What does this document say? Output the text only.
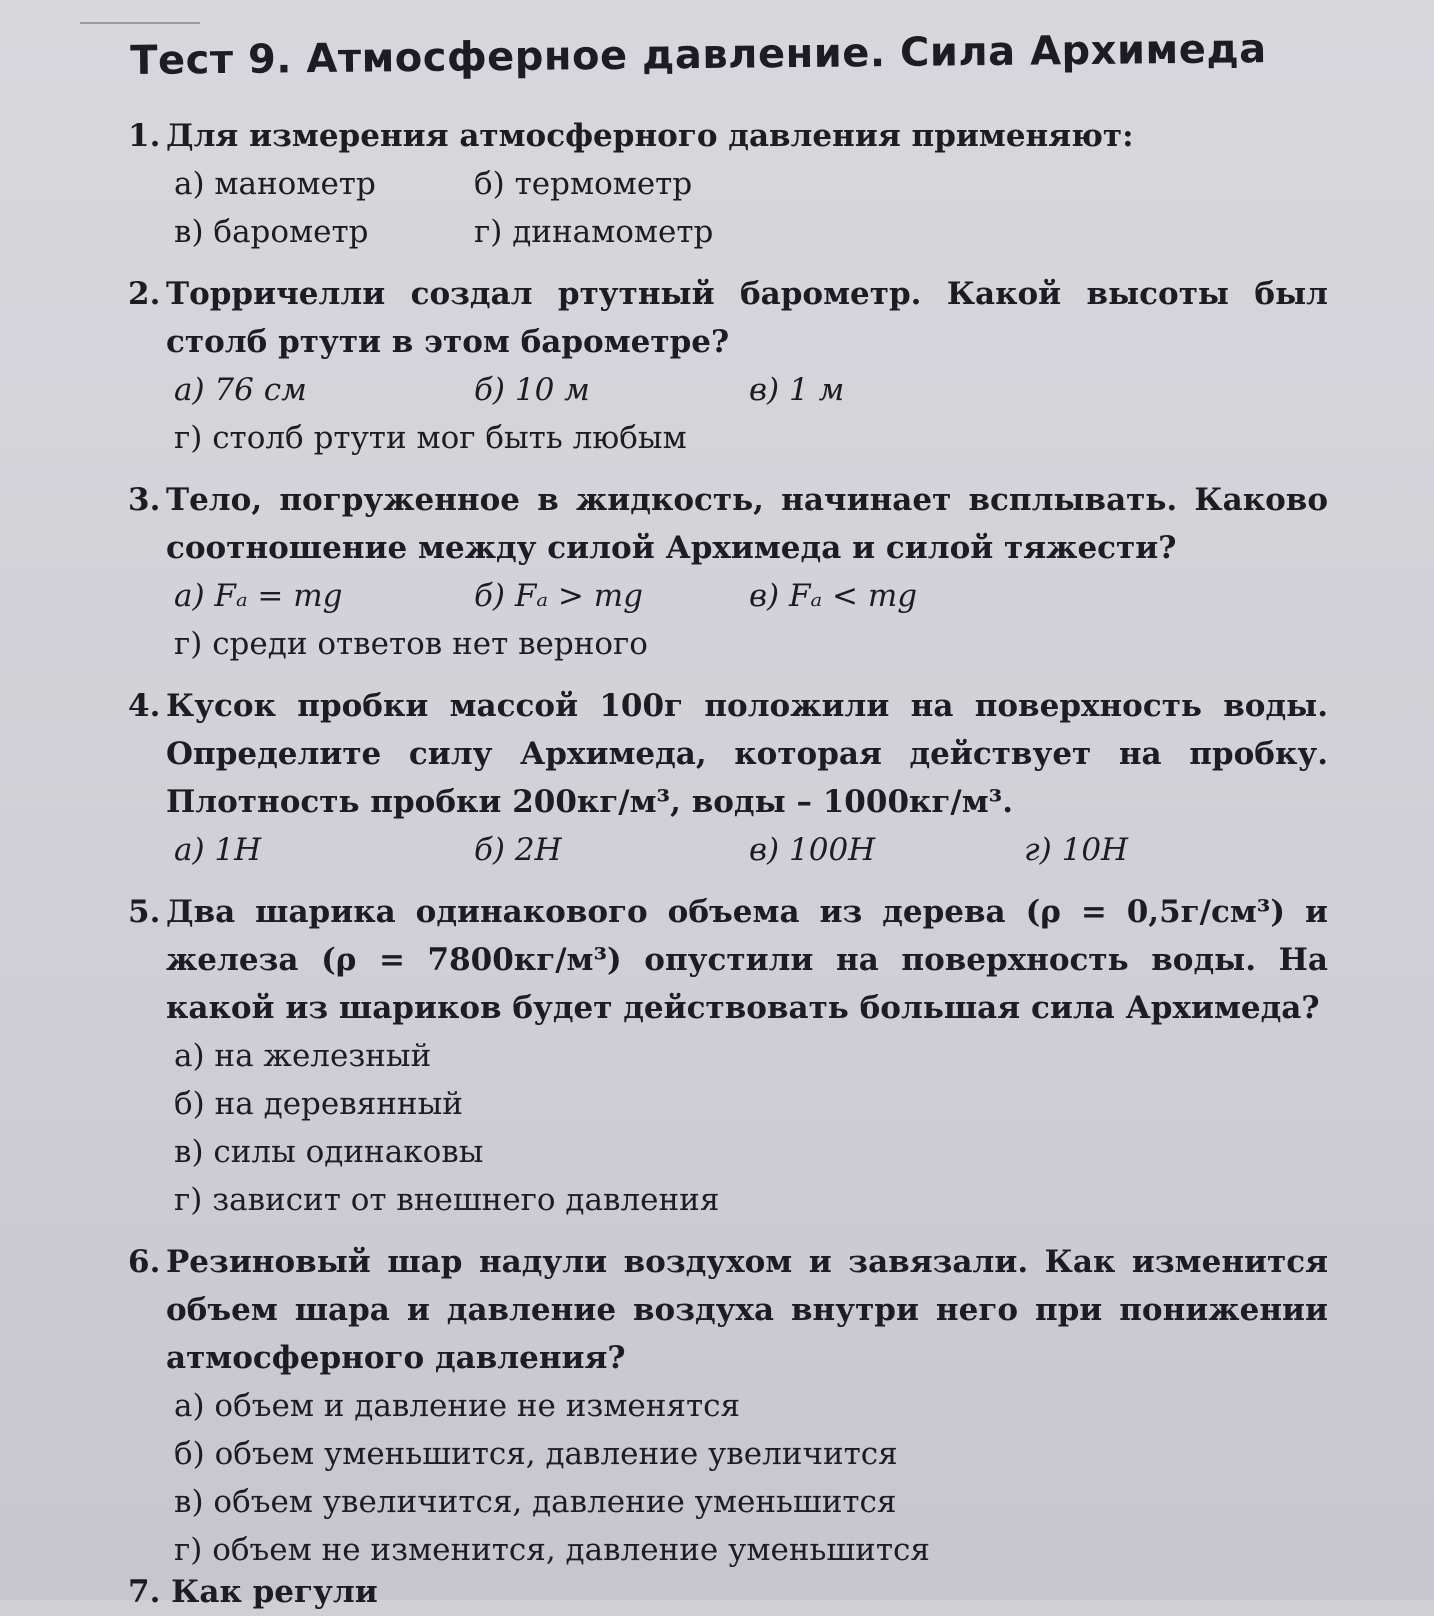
Тест 9. Атмосферное давление. Сила Архимеда
1. Для измерения атмосферного давления применяют:
а) манометр	б) термометр
в) барометр	г) динамометр
2. Торричелли создал ртутный барометр. Какой высоты был столб ртути в этом барометре?
а) 76 см	б) 10 м	в) 1 м
г) столб ртути мог быть любым
3. Тело, погруженное в жидкость, начинает всплывать. Каково соотношение между силой Архимеда и силой тяжести?
а) Fₐ = mg	б) Fₐ > mg	в) Fₐ < mg
г) среди ответов нет верного
4. Кусок пробки массой 100г положили на поверхность воды. Определите силу Архимеда, которая действует на пробку. Плотность пробки 200кг/м³, воды – 1000кг/м³.
а) 1Н	б) 2Н	в) 100Н	г) 10Н
5. Два шарика одинакового объема из дерева (ρ = 0,5г/см³) и железа (ρ = 7800кг/м³) опустили на поверхность воды. На какой из шариков будет действовать большая сила Архимеда?
а) на железный
б) на деревянный
в) силы одинаковы
г) зависит от внешнего давления
6. Резиновый шар надули воздухом и завязали. Как изменится объем шара и давление воздуха внутри него при понижении атмосферного давления?
а) объем и давление не изменятся
б) объем уменьшится, давление увеличится
в) объем увеличится, давление уменьшится
г) объем не изменится, давление уменьшится
7. Как регули
